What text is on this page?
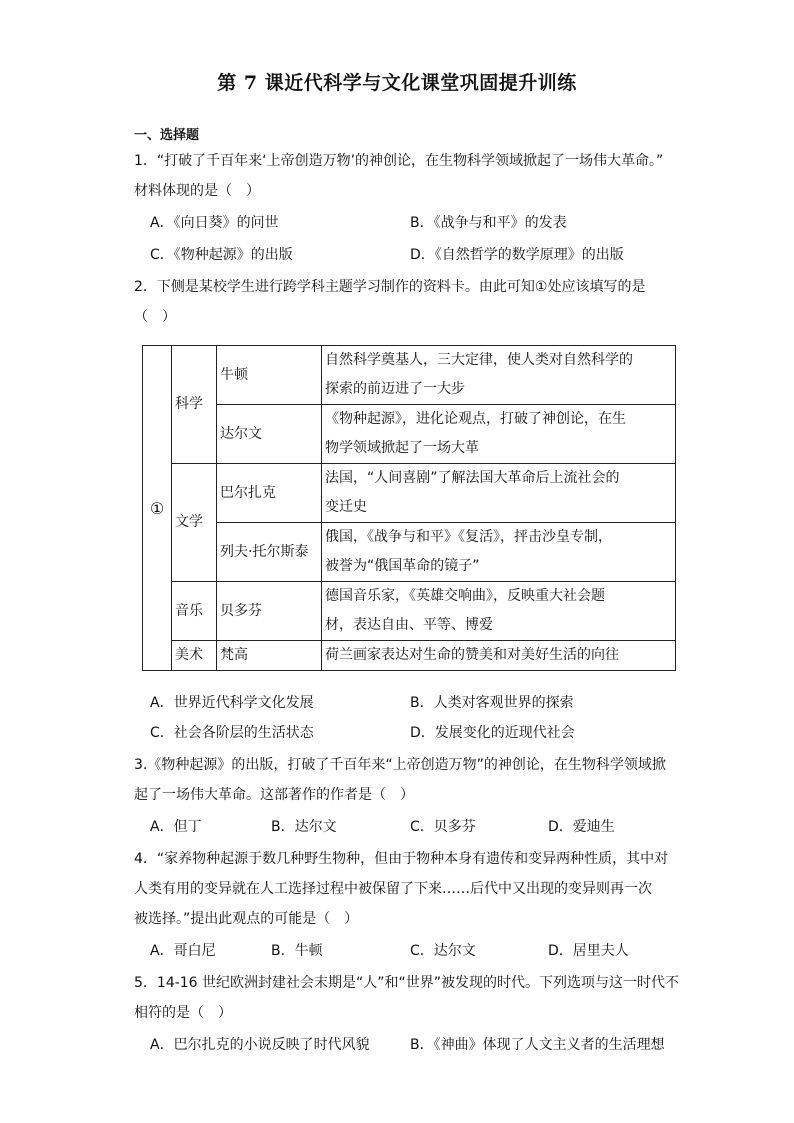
第 7 课近代科学与文化课堂巩固提升训练
一、选择题
1．“打破了千百年来‘上帝创造万物’的神创论，在生物科学领域掀起了一场伟大革命。”
材料体现的是（　）
A．《向日葵》的问世	B．《战争与和平》的发表
C．《物种起源》的出版	D．《自然哲学的数学原理》的出版
2．下侧是某校学生进行跨学科主题学习制作的资料卡。由此可知①处应该填写的是
（　）
①	科学	牛顿	自然科学奠基人，三大定律，使人类对自然科学的
探索的前迈进了一大步

		达尔文	《物种起源》，进化论观点，打破了神创论，在生
物学领域掀起了一场大革

	文学	巴尔扎克	法国，“人间喜剧”了解法国大革命后上流社会的
变迁史

		列夫·托尔斯泰	俄国，《战争与和平》《复活》，抨击沙皇专制，
被誉为“俄国革命的镜子”

	音乐	贝多芬	德国音乐家，《英雄交响曲》，反映重大社会题
材，表达自由、平等、博爱

	美术	梵高	荷兰画家表达对生命的赞美和对美好生活的向往
A．世界近代科学文化发展	B．人类对客观世界的探索
C．社会各阶层的生活状态	D．发展变化的近现代社会
3.《物种起源》的出版，打破了千百年来“上帝创造万物”的神创论，在生物科学领域掀
起了一场伟大革命。这部著作的作者是（　）
A．但丁	B．达尔文	C．贝多芬	D．爱迪生
4．“家养物种起源于数几种野生物种，但由于物种本身有遗传和变异两种性质，其中对
人类有用的变异就在人工选择过程中被保留了下来……后代中又出现的变异则再一次
被选择。”提出此观点的可能是（　）
A．哥白尼	B．牛顿	C．达尔文	D．居里夫人
5．14-16 世纪欧洲封建社会末期是“人”和“世界”被发现的时代。下列选项与这一时代不
相符的是（　）
A．巴尔扎克的小说反映了时代风貌	B．《神曲》体现了人文主义者的生活理想
